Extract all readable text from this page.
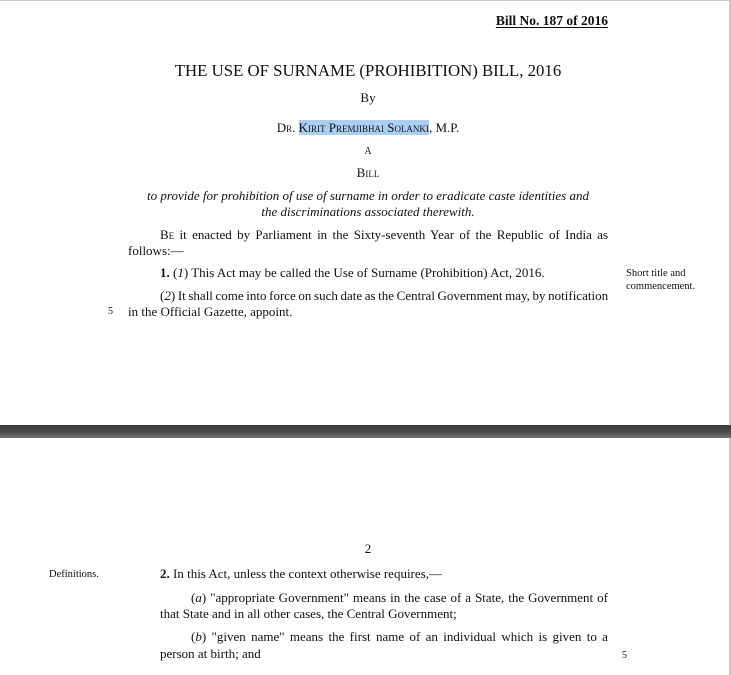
Bill No. 187 of 2016
THE USE OF SURNAME (PROHIBITION) BILL, 2016
By
Dr. Kirit Premjibhai Solanki, M.P.
A
Bill
to provide for prohibition of use of surname in order to eradicate caste identities and
the discriminations associated therewith.
Be it enacted by Parliament in the Sixty-seventh Year of the Republic of India as
follows:—
1. (1) This Act may be called the Use of Surname (Prohibition) Act, 2016.	Short title and
commencement.
(2) It shall come into force on such date as the Central Government may, by notification
5 in the Official Gazette, appoint.
2
Definitions.	2. In this Act, unless the context otherwise requires,—
(a) "appropriate Government" means in the case of a State, the Government of
that State and in all other cases, the Central Government;
(b) "given name" means the first name of an individual which is given to a
person at birth; and	5
